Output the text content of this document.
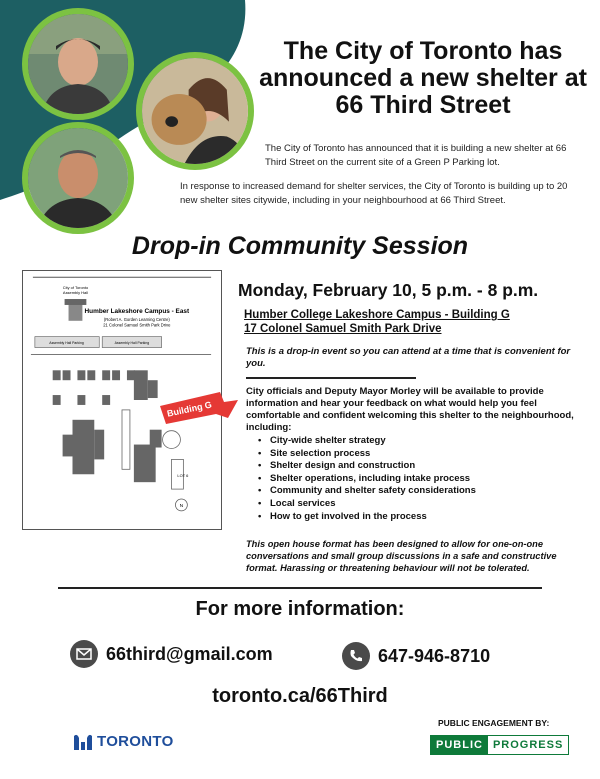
The City of Toronto has announced a new shelter at 66 Third Street

The City of Toronto has announced that it is building a new shelter at 66 Third Street on the current site of a Green P Parking lot.

In response to increased demand for shelter services, the City of Toronto is building up to 20 new shelter sites citywide, including in your neighbourhood at 66 Third Street.

Drop-in Community Session
City of Toronto
Assembly Hall
Humber Lakeshore Campus - East
(Robert A. Gorden Learning Centre)
21 Colonel Samuel Smith Park Drive
Assembly Hall Parking	Assembly Hall Parking
LOT 6
N
Building G
Monday, February 10, 5 p.m. - 8 p.m.
Humber College Lakeshore Campus - Building G
17 Colonel Samuel Smith Park Drive

This is a drop-in event so you can attend at a time that is convenient for you.

City officials and Deputy Mayor Morley will be available to provide information and hear your feedback on what would help you feel comfortable and confident welcoming this shelter to the neighbourhood, including:

• City-wide shelter strategy
• Site selection process
• Shelter design and construction
• Shelter operations, including intake process
• Community and shelter safety considerations
• Local services
• How to get involved in the process

This open house format has been designed to allow for one-on-one conversations and small group discussions in a safe and constructive format. Harassing or threatening behaviour will not be tolerated.

For more information:
66third@gmail.com	647-946-8710
toronto.ca/66Third
TORONTO
PUBLIC ENGAGEMENT BY:
PUBLIC PROGRESS
